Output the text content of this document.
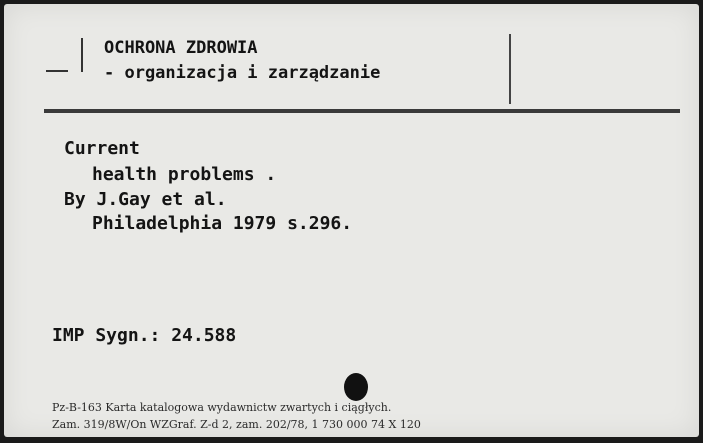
OCHRONA ZDROWIA

- organizacja i zarządzanie

Current

health problems .

By J.Gay et al.

Philadelphia 1979 s.296.

IMP Sygn.: 24.588

Pz-B-163 Karta katalogowa wydawnictw zwartych i ciągłych.

Zam. 319/8W/On WZGraf. Z-d 2, zam. 202/78, 1 730 000 74 X 120
